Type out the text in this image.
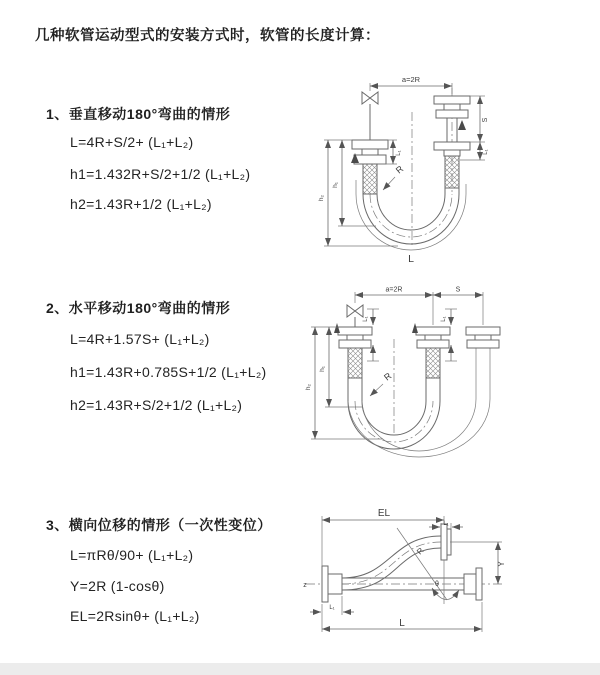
几种软管运动型式的安装方式时，软管的长度计算：
1、垂直移动180°弯曲的情形
L=4R+S/2+ (L₁+L₂)
h1=1.432R+S/2+1/2 (L₁+L₂)
h2=1.43R+1/2 (L₁+L₂)
2、水平移动180°弯曲的情形
L=4R+1.57S+ (L₁+L₂)
h1=1.43R+0.785S+1/2 (L₁+L₂)
h2=1.43R+S/2+1/2 (L₁+L₂)
3、横向位移的情形（一次性变位）
L=πRθ/90+ (L₁+L₂)
Y=2R (1-cosθ)
EL=2Rsinθ+ (L₁+L₂)
a=2R
h₁
h₂
S
L₁
L₁
R
L
a=2R	S
h₁
h₂
L₁	L₁
R
z
EL
L₁
Y
θ
R
L
L₁
